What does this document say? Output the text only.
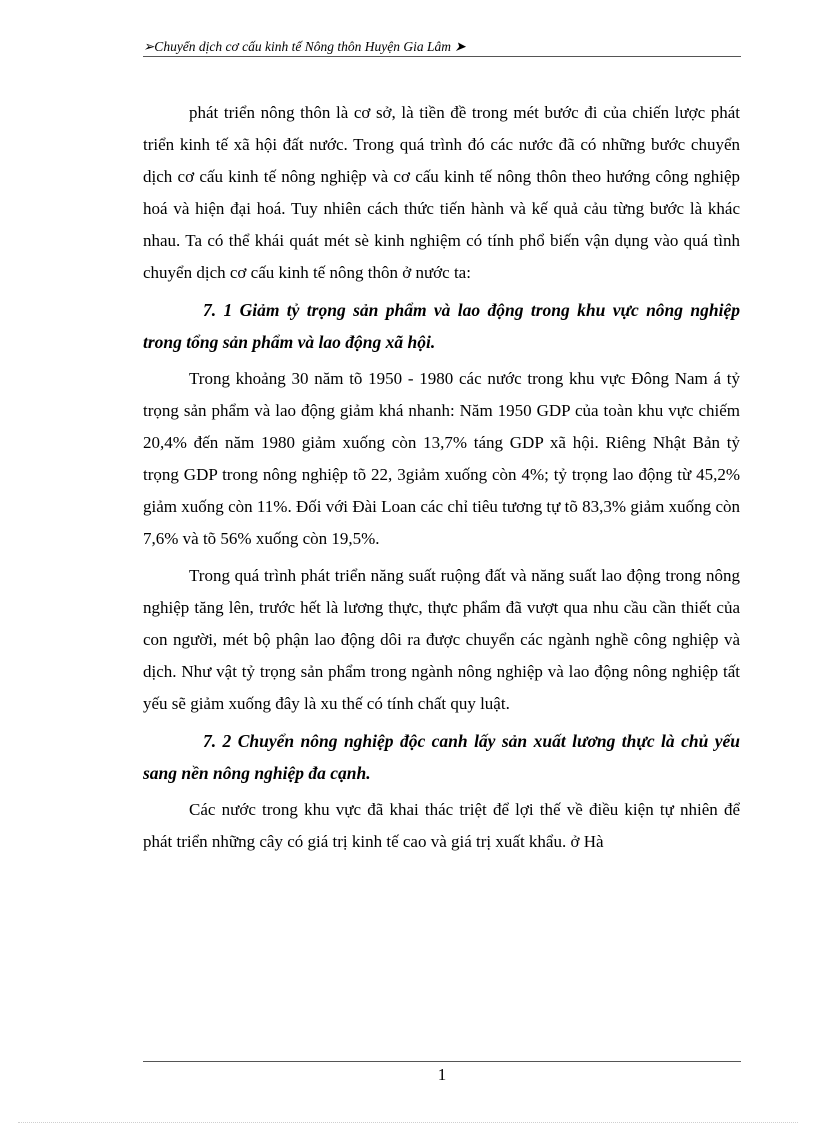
➢Chuyển dịch cơ cấu kinh tế Nông thôn Huyện Gia Lâm ➤

phát triển nông thôn là cơ sở, là tiền đề trong mét bước đi của chiến lược phát triển kinh tế xã hội đất nước. Trong quá trình đó các nước đã có những bước chuyển dịch cơ cấu kinh tế nông nghiệp và cơ cấu kinh tế nông thôn theo hướng công nghiệp hoá và hiện đại hoá. Tuy nhiên cách thức tiến hành và kế quả cảu từng bước là khác nhau. Ta có thể khái quát mét sè kinh nghiệm có tính phổ biến vận dụng vào quá tình chuyển dịch cơ cấu kinh tế nông thôn ở nước ta:

7. 1 Giảm tỷ trọng sản phẩm và lao động trong khu vực nông nghiệp trong tổng sản phẩm và lao động xã hội.

Trong khoảng 30 năm tõ 1950 - 1980 các nước trong khu vực Đông Nam á tỷ trọng sản phẩm và lao động giảm khá nhanh: Năm 1950 GDP của toàn khu vực chiếm 20,4% đến năm 1980 giảm xuống còn 13,7% táng GDP xã hội. Riêng Nhật Bản tỷ trọng GDP trong nông nghiệp tõ 22, 3giảm xuống còn 4%; tỷ trọng lao động từ 45,2% giảm xuống còn 11%. Đối với Đài Loan các chỉ tiêu tương tự tõ 83,3% giảm xuống còn 7,6% và tõ 56% xuống còn 19,5%.

Trong quá trình phát triển năng suất ruộng đất và năng suất lao động trong nông nghiệp tăng lên, trước hết là lương thực, thực phẩm đã vượt qua nhu cầu cần thiết của con người, mét bộ phận lao động dôi ra được chuyển các ngành nghề công nghiệp và dịch. Như vật tỷ trọng sản phẩm trong ngành nông nghiệp và lao động nông nghiệp tất yếu sẽ giảm xuống đây là xu thế có tính chất quy luật.

7. 2 Chuyển nông nghiệp độc canh lấy sản xuất lương thực là chủ yếu sang nền nông nghiệp đa cạnh.

Các nước trong khu vực đã khai thác triệt để lợi thế về điều kiện tự nhiên để phát triển những cây có giá trị kinh tế cao và giá trị xuất khẩu. ở Hà

1
